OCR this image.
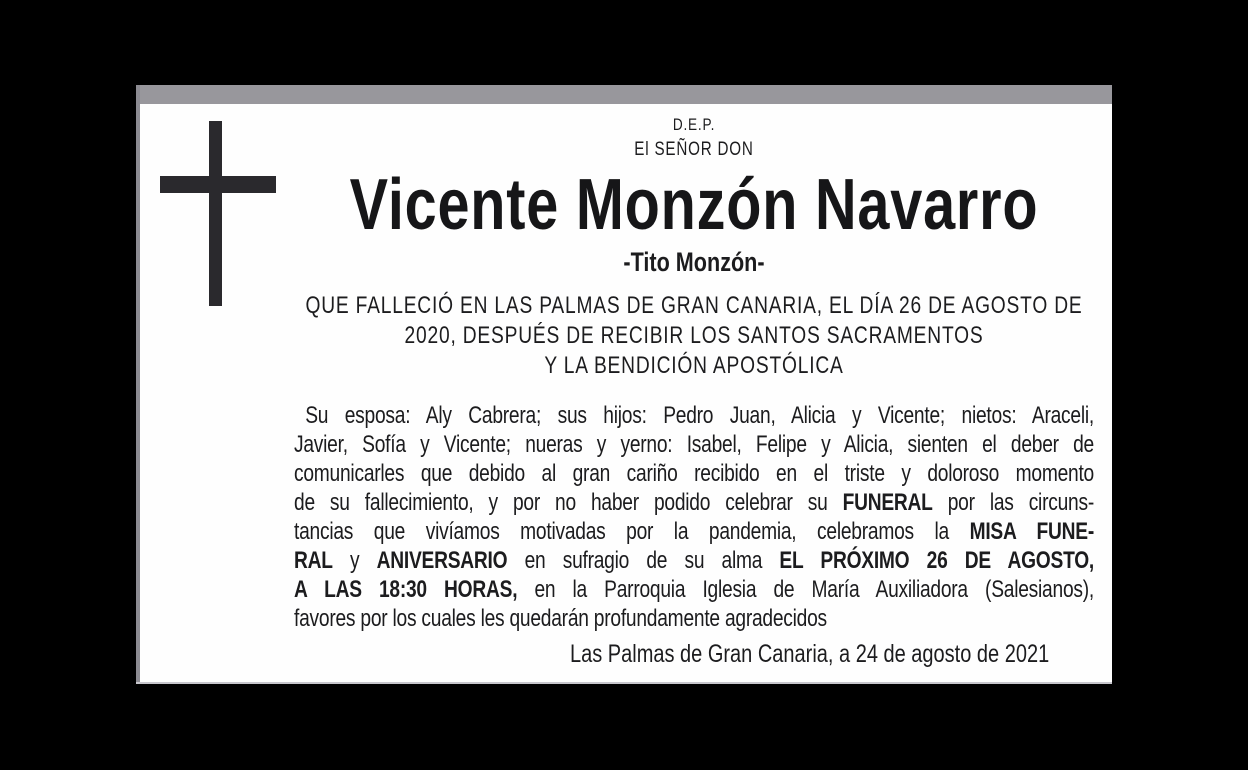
D.E.P.
El SEÑOR DON
Vicente Monzón Navarro
-Tito Monzón-
QUE FALLECIÓ EN LAS PALMAS DE GRAN CANARIA, EL DÍA 26 DE AGOSTO DE
2020, DESPUÉS DE RECIBIR LOS SANTOS SACRAMENTOS
Y LA BENDICIÓN APOSTÓLICA
Su esposa: Aly Cabrera; sus hijos: Pedro Juan, Alicia y Vicente; nietos: Araceli,
Javier, Sofía y Vicente; nueras y yerno: Isabel, Felipe y Alicia, sienten el deber de
comunicarles que debido al gran cariño recibido en el triste y doloroso momento
de su fallecimiento, y por no haber podido celebrar su FUNERAL por las circuns-
tancias que vivíamos motivadas por la pandemia, celebramos la MISA FUNE-
RAL y ANIVERSARIO en sufragio de su alma EL PRÓXIMO 26 DE AGOSTO,
A LAS 18:30 HORAS, en la Parroquia Iglesia de María Auxiliadora (Salesianos),
favores por los cuales les quedarán profundamente agradecidos
Las Palmas de Gran Canaria, a 24 de agosto de 2021
